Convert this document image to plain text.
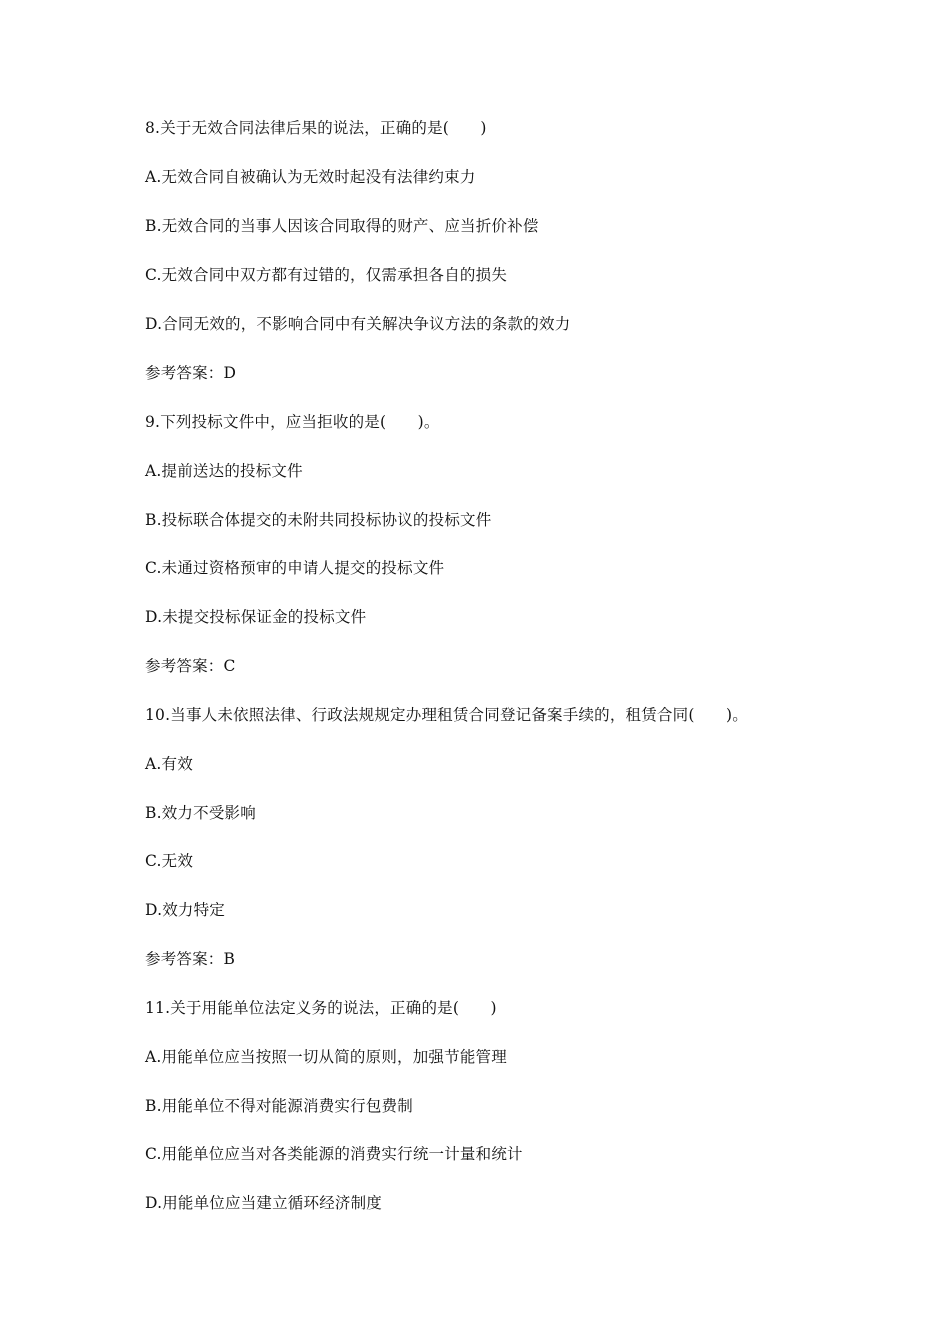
8.关于无效合同法律后果的说法，正确的是(　　)
A.无效合同自被确认为无效时起没有法律约束力
B.无效合同的当事人因该合同取得的财产、应当折价补偿
C.无效合同中双方都有过错的，仅需承担各自的损失
D.合同无效的，不影响合同中有关解决争议方法的条款的效力
参考答案：D
9.下列投标文件中，应当拒收的是(　　)。
A.提前送达的投标文件
B.投标联合体提交的未附共同投标协议的投标文件
C.未通过资格预审的申请人提交的投标文件
D.未提交投标保证金的投标文件
参考答案：C
10.当事人未依照法律、行政法规规定办理租赁合同登记备案手续的，租赁合同(　　)。
A.有效
B.效力不受影响
C.无效
D.效力特定
参考答案：B
11.关于用能单位法定义务的说法，正确的是(　　)
A.用能单位应当按照一切从简的原则，加强节能管理
B.用能单位不得对能源消费实行包费制
C.用能单位应当对各类能源的消费实行统一计量和统计
D.用能单位应当建立循环经济制度
